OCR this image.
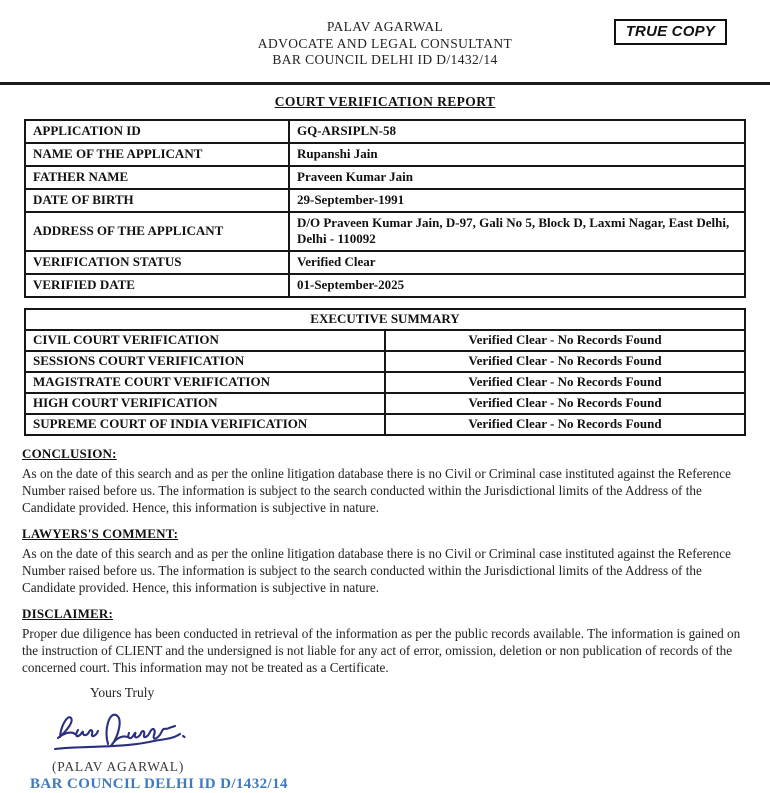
PALAV AGARWAL
ADVOCATE AND LEGAL CONSULTANT
BAR COUNCIL DELHI ID D/1432/14
TRUE COPY
COURT VERIFICATION REPORT
APPLICATION ID	GQ-ARSIPLN-58
NAME OF THE APPLICANT	Rupanshi Jain
FATHER NAME	Praveen Kumar Jain
DATE OF BIRTH	29-September-1991
ADDRESS OF THE APPLICANT	D/O Praveen Kumar Jain, D-97, Gali No 5, Block D, Laxmi Nagar, East Delhi, Delhi - 110092
VERIFICATION STATUS	Verified Clear
VERIFIED DATE	01-September-2025
EXECUTIVE SUMMARY	
CIVIL COURT VERIFICATION	Verified Clear - No Records Found
SESSIONS COURT VERIFICATION	Verified Clear - No Records Found
MAGISTRATE COURT VERIFICATION	Verified Clear - No Records Found
HIGH COURT VERIFICATION	Verified Clear - No Records Found
SUPREME COURT OF INDIA VERIFICATION	Verified Clear - No Records Found
CONCLUSION:

As on the date of this search and as per the online litigation database there is no Civil or Criminal case instituted against the Reference Number raised before us. The information is subject to the search conducted within the Jurisdictional limits of the Address of the Candidate provided. Hence, this information is subjective in nature.

LAWYERS'S COMMENT:

As on the date of this search and as per the online litigation database there is no Civil or Criminal case instituted against the Reference Number raised before us. The information is subject to the search conducted within the Jurisdictional limits of the Address of the Candidate provided. Hence, this information is subjective in nature.

DISCLAIMER:

Proper due diligence has been conducted in retrieval of the information as per the public records available. The information is gained on the instruction of CLIENT and the undersigned is not liable for any act of error, omission, deletion or non publication of records of the concerned court. This information may not be treated as a Certificate.

Yours Truly
(PALAV AGARWAL)
BAR COUNCIL DELHI ID D/1432/14
